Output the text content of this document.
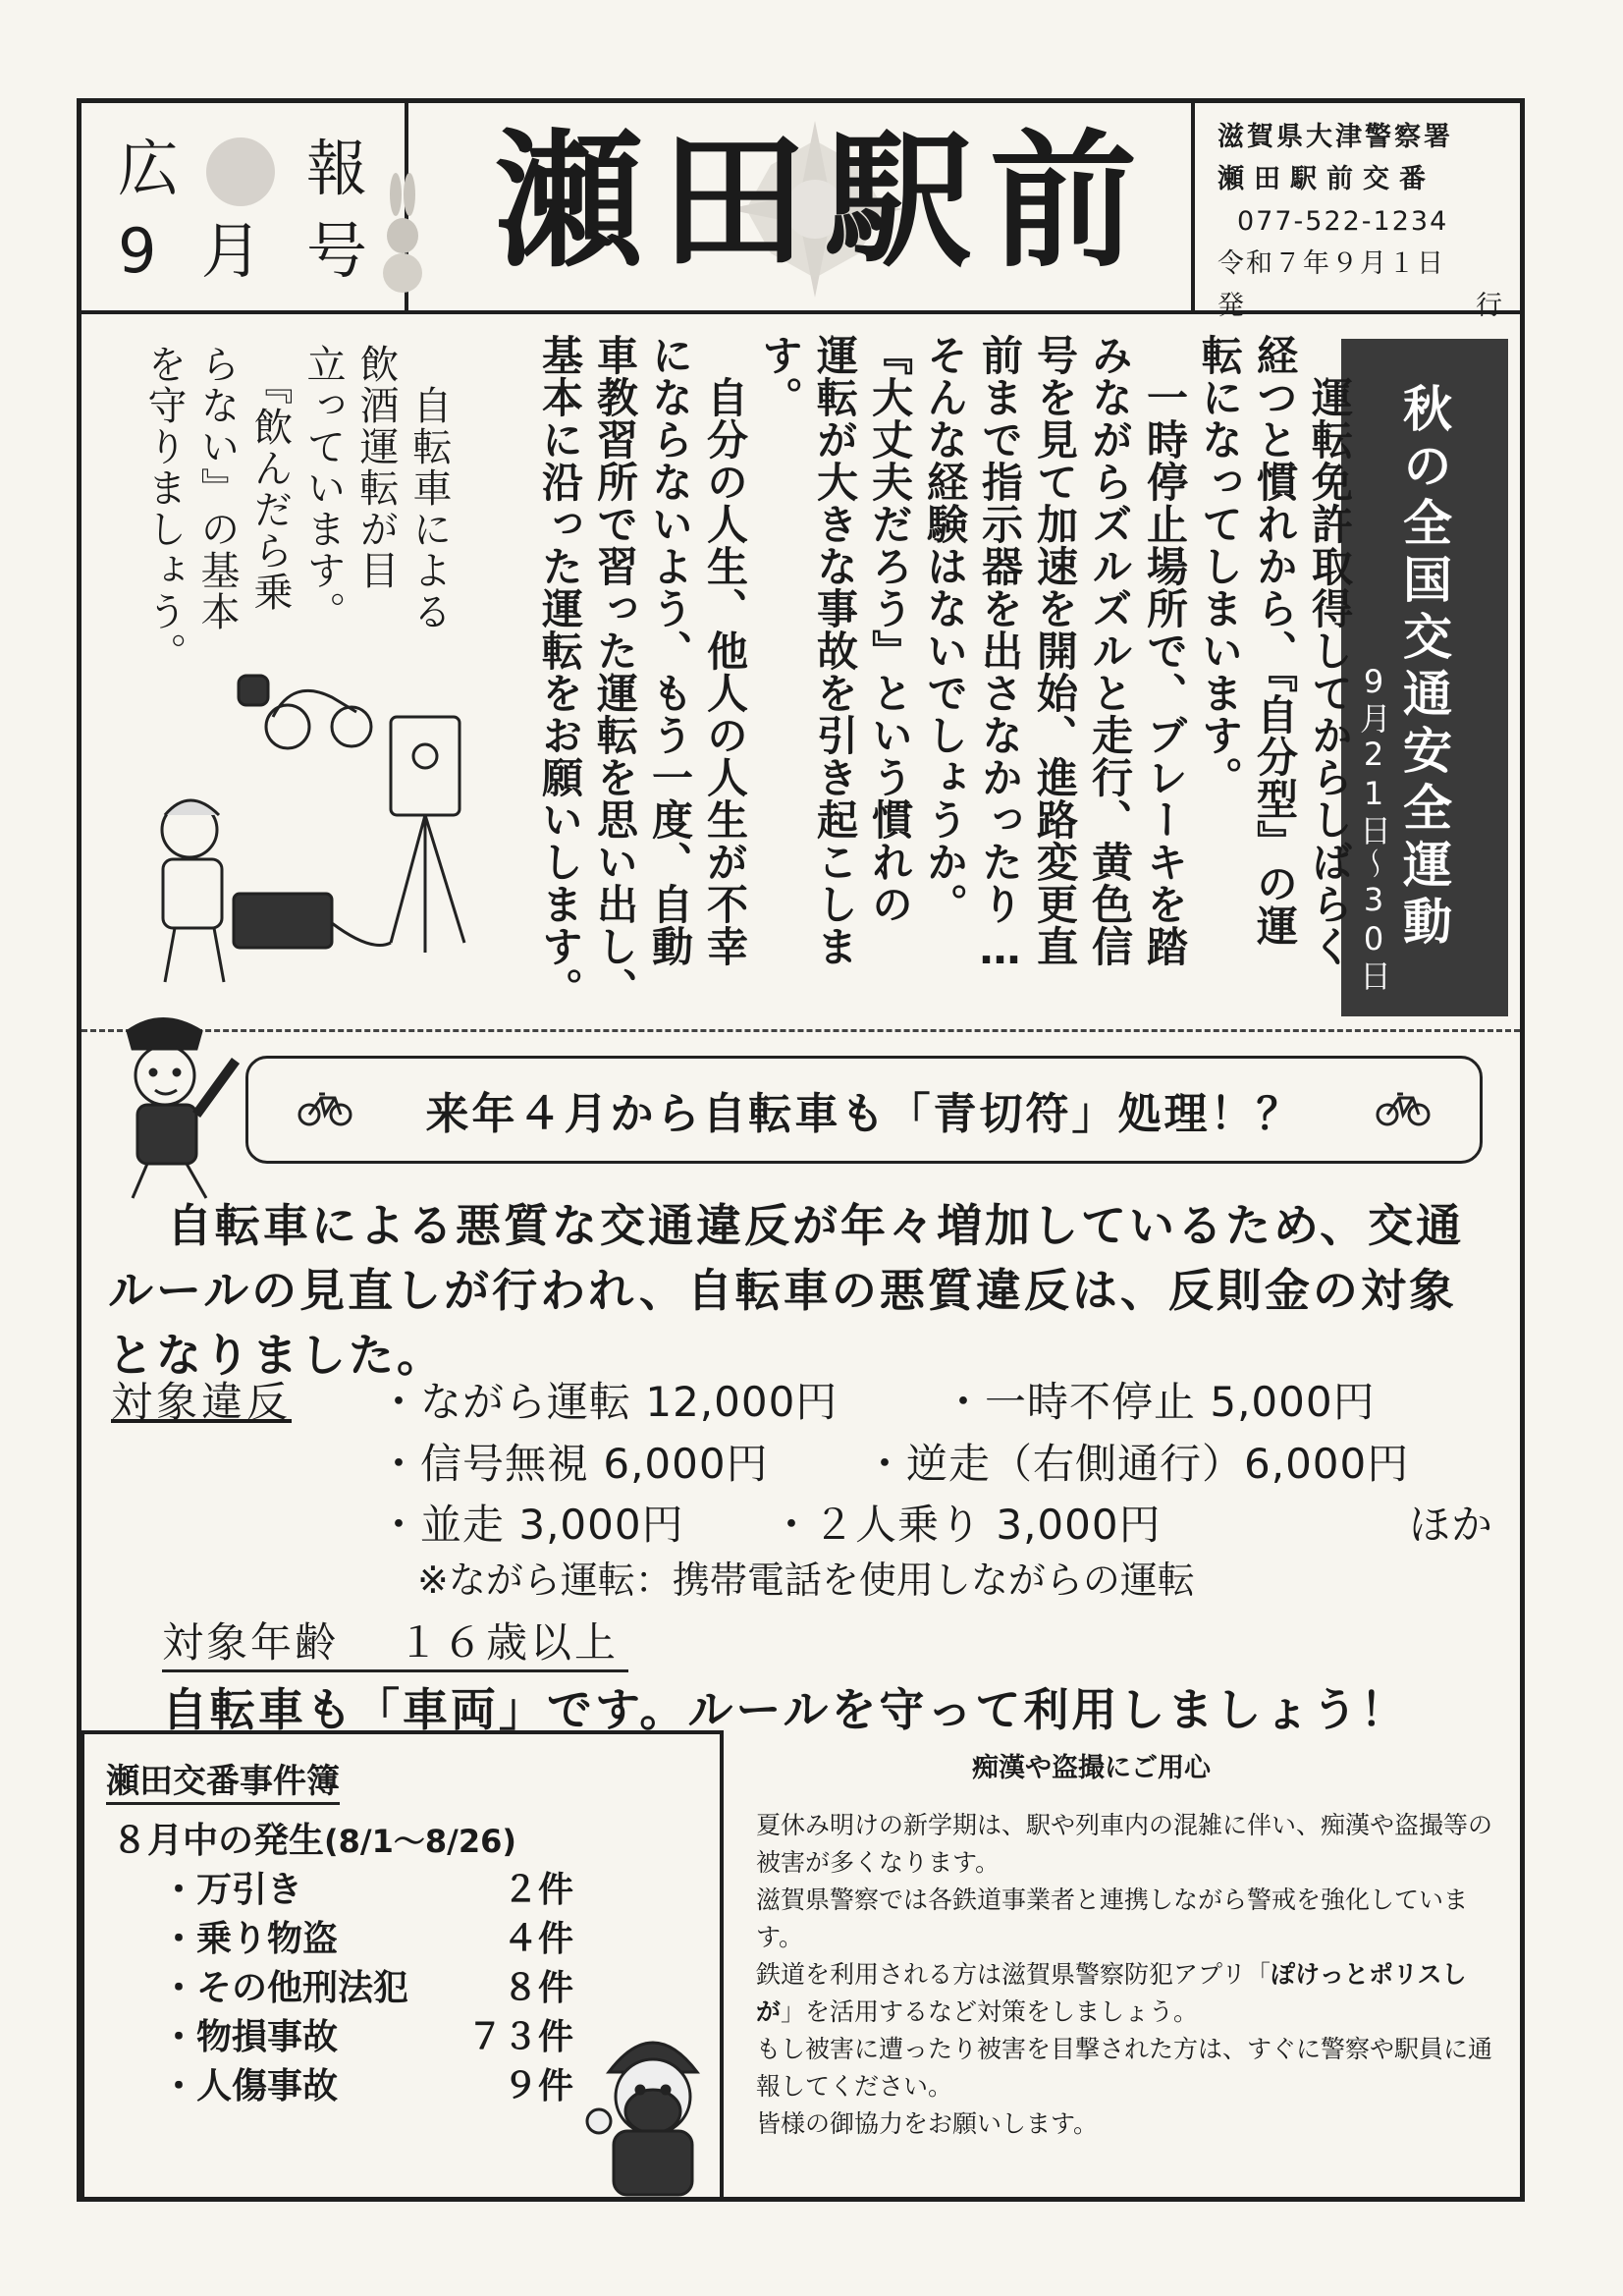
広 報
9 月 号 瀬田駅前 滋賀県大津警察署
瀬田駅前交番
077-522-1234
令和７年９月１日
発	行
秋の全国交通安全運動
9月21日〜30日
　運転免許取得してからしばらく
経つと慣れから、『自分型』の運
転になってしまいます。
　一時停止場所で、ブレーキを踏
みながらズルズルと走行、黄色信
号を見て加速を開始、進路変更直
前まで指示器を出さなかったり…
そんな経験はないでしょうか。
『大丈夫だろう』という慣れの
運転が大きな事故を引き起こしま
す。
　自分の人生、他人の人生が不幸
にならないよう、もう一度、自動
車教習所で習った運転を思い出し、
基本に沿った運転をお願いします。
　自転車による
飲酒運転が目
立っています。
　『飲んだら乗
らない』の基本
を守りましょう。
来年４月から自転車も「青切符」処理！？
自転車による悪質な交通違反が年々増加しているため、交通ルールの見直しが行われ、自転車の悪質違反は、反則金の対象となりました。
対象違反 ・ながら運転 12,000円	・一時不停止 5,000円
・信号無視 6,000円 ・逆走（右側通行）6,000円
・並走 3,000円 ・２人乗り 3,000円	ほか
※ながら運転：携帯電話を使用しながらの運転
対象年齢 １６歳以上
自転車も「車両」です。ルールを守って利用しましょう！
瀬田交番事件簿
８月中の発生(8/1〜8/26)
・万引き	２件
・乗り物盗	４件
・その他刑法犯	８件
・物損事故	７３件
・人傷事故	９件
痴漢や盗撮にご用心

夏休み明けの新学期は、駅や列車内の混雑に伴い、痴漢や盗撮等の被害が多くなります。

滋賀県警察では各鉄道事業者と連携しながら警戒を強化しています。

鉄道を利用される方は滋賀県警察防犯アプリ「ぽけっとポリスしが」を活用するなど対策をしましょう。

もし被害に遭ったり被害を目撃された方は、すぐに警察や駅員に通報してください。

皆様の御協力をお願いします。
